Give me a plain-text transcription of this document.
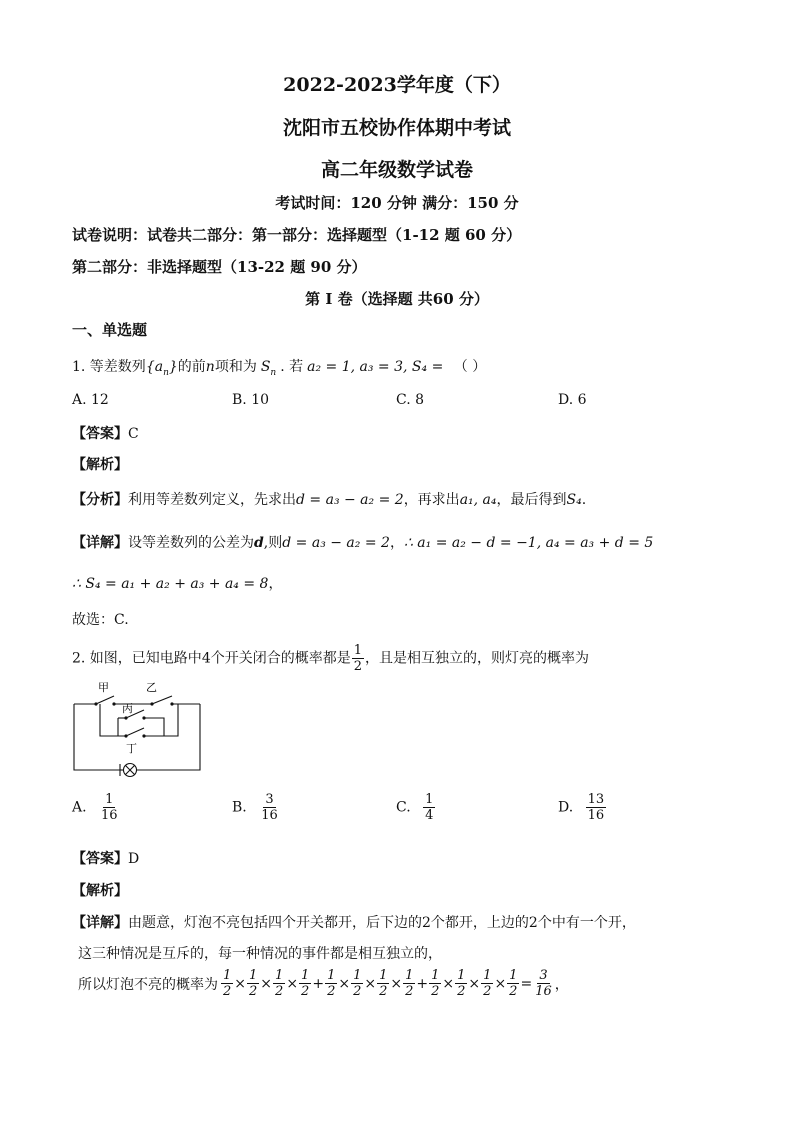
2022-2023学年度（下）
沈阳市五校协作体期中考试
高二年级数学试卷
考试时间：120 分钟 满分：150 分
试卷说明：试卷共二部分：第一部分：选择题型（1-12 题 60 分）
第二部分：非选择题型（13-22 题 90 分）
第 I 卷（选择题 共60 分）
一、单选题
1. 等差数列$\{a_n\}$的前n项和为 $S_n$ . 若 a₂ = 1, a₃ = 3, S₄ = （ ）
A. 12	B. 10	C. 8	D. 6
【答案】C
【解析】
【分析】利用等差数列定义，先求出d = a₃ − a₂ = 2，再求出a₁, a₄，最后得到S₄.
【详解】设等差数列的公差为d,则d = a₃ − a₂ = 2，∴ a₁ = a₂ − d = −1, a₄ = a₃ + d = 5
∴ S₄ = a₁ + a₂ + a₃ + a₄ = 8，
故选：C.
2. 如图，已知电路中4个开关闭合的概率都是 $\frac{1}{2}$ ，且是相互独立的，则灯亮的概率为
甲	乙
丙
丁
A. $\frac{1}{16}$	B. $\frac{3}{16}$	C. $\frac{1}{4}$	D. $\frac{13}{16}$
【答案】D
【解析】
【详解】由题意，灯泡不亮包括四个开关都开，后下边的2个都开，上边的2个中有一个开，
这三种情况是互斥的，每一种情况的事件都是相互独立的，
所以灯泡不亮的概率为 $\frac{1}{2} \times \frac{1}{2} \times \frac{1}{2} \times \frac{1}{2} + \frac{1}{2} \times \frac{1}{2} \times \frac{1}{2} \times \frac{1}{2} + \frac{1}{2} \times \frac{1}{2} \times \frac{1}{2} \times \frac{1}{2} = \frac{3}{16}$ ，
